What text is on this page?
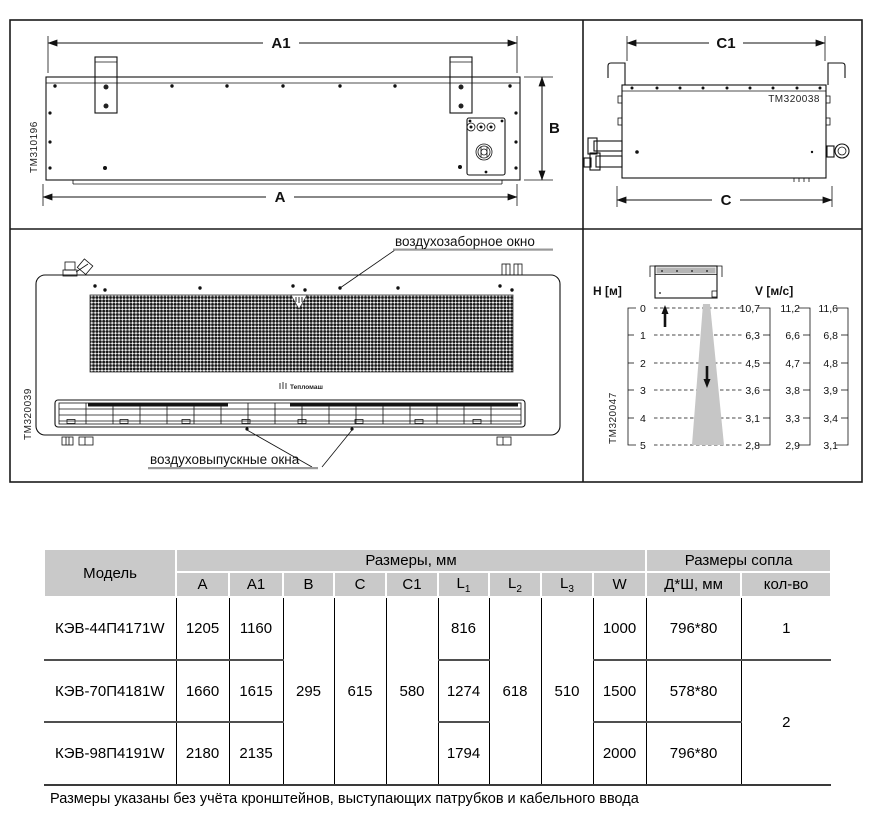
A1
B
A
TM310196
C1
TM320038
C
Тепломаш
TM320039
воздухозаборное окно
воздуховыпускные окна
H [м]	V [м/с]
0
1
2
3
4
5
10,7
6,3
4,5
3,6
3,1
2,8
11,2
6,6
4,7
3,8
3,3
2,9
11,6
6,8
4,8
3,9
3,4
3,1
TM320047
Модель	Размеры, мм									Размеры сопла	
	A	A1	B	C	C1	$L_1$	$L_2$	$L_3$	W	Д*Ш, мм	кол-во
КЭВ-44П4171W	1205	1160	295	615	580	816	618	510	1000	796*80	1
КЭВ-70П4181W	1660	1615				1274			1500	578*80	2
КЭВ-98П4191W	2180	2135				1794			2000	796*80	
Размеры указаны без учёта кронштейнов, выступающих патрубков и кабельного ввода
